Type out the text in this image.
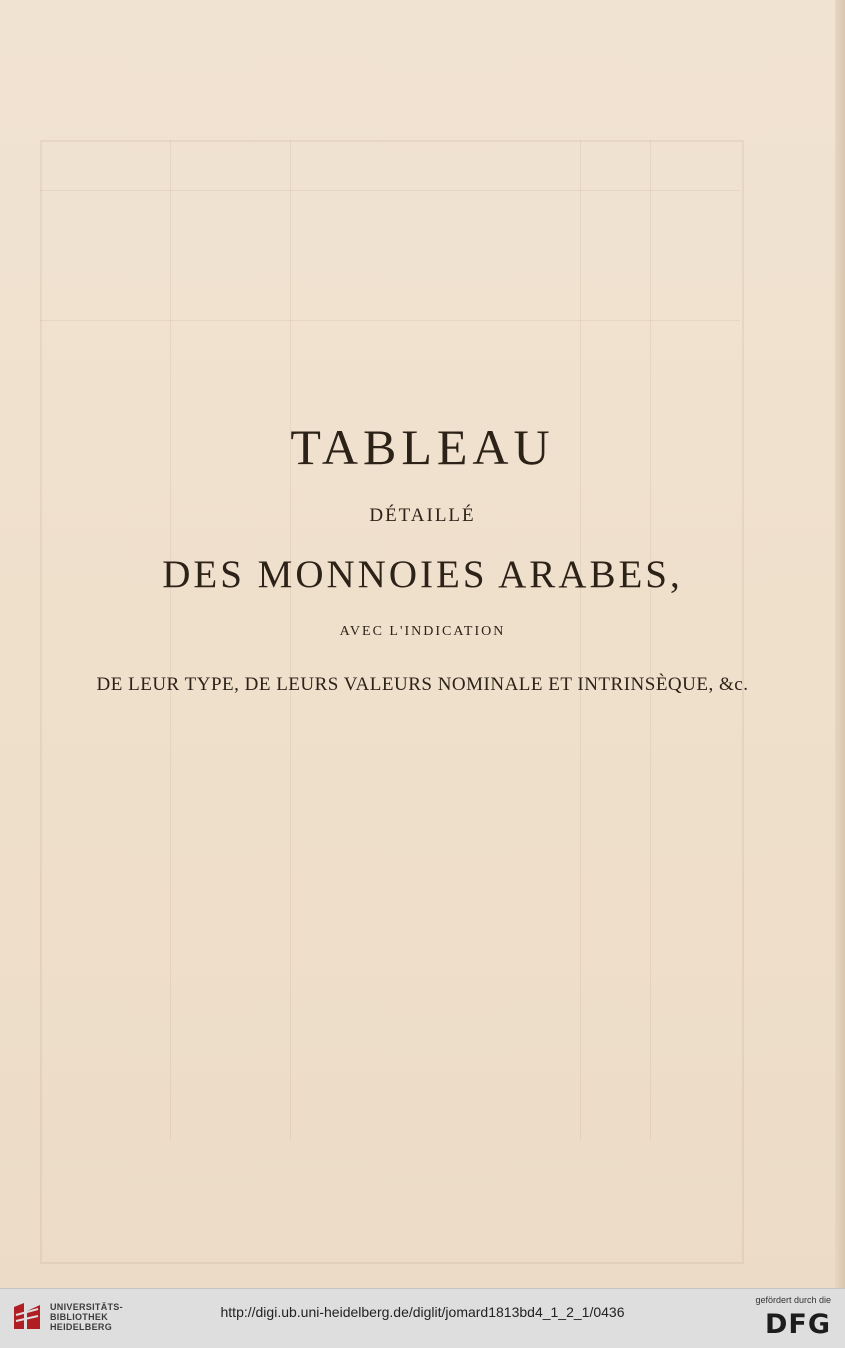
TABLEAU
DÉTAILLÉ
DES MONNOIES ARABES,
AVEC L'INDICATION
DE LEUR TYPE, DE LEURS VALEURS NOMINALE ET INTRINSÈQUE, &c.
UNIVERSITÄTS-
BIBLIOTHEK
HEIDELBERG
http://digi.ub.uni-heidelberg.de/diglit/jomard1813bd4_1_2_1/0436
gefördert durch die
DFG
